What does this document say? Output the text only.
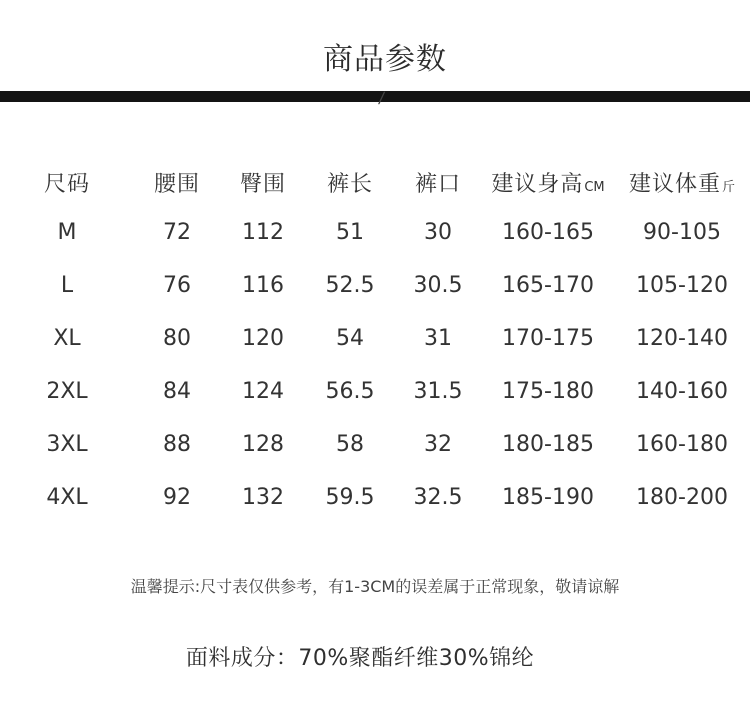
商品参数
/
尺码	腰围	臀围	裤长	裤口	建议身高CM	建议体重斤
M	72	112	51	30	160-165	90-105
L	76	116	52.5	30.5	165-170	105-120
XL	80	120	54	31	170-175	120-140
2XL	84	124	56.5	31.5	175-180	140-160
3XL	88	128	58	32	180-185	160-180
4XL	92	132	59.5	32.5	185-190	180-200
温馨提示:尺寸表仅供参考，有1-3CM的误差属于正常现象，敬请谅解
面料成分：70%聚酯纤维30%锦纶
